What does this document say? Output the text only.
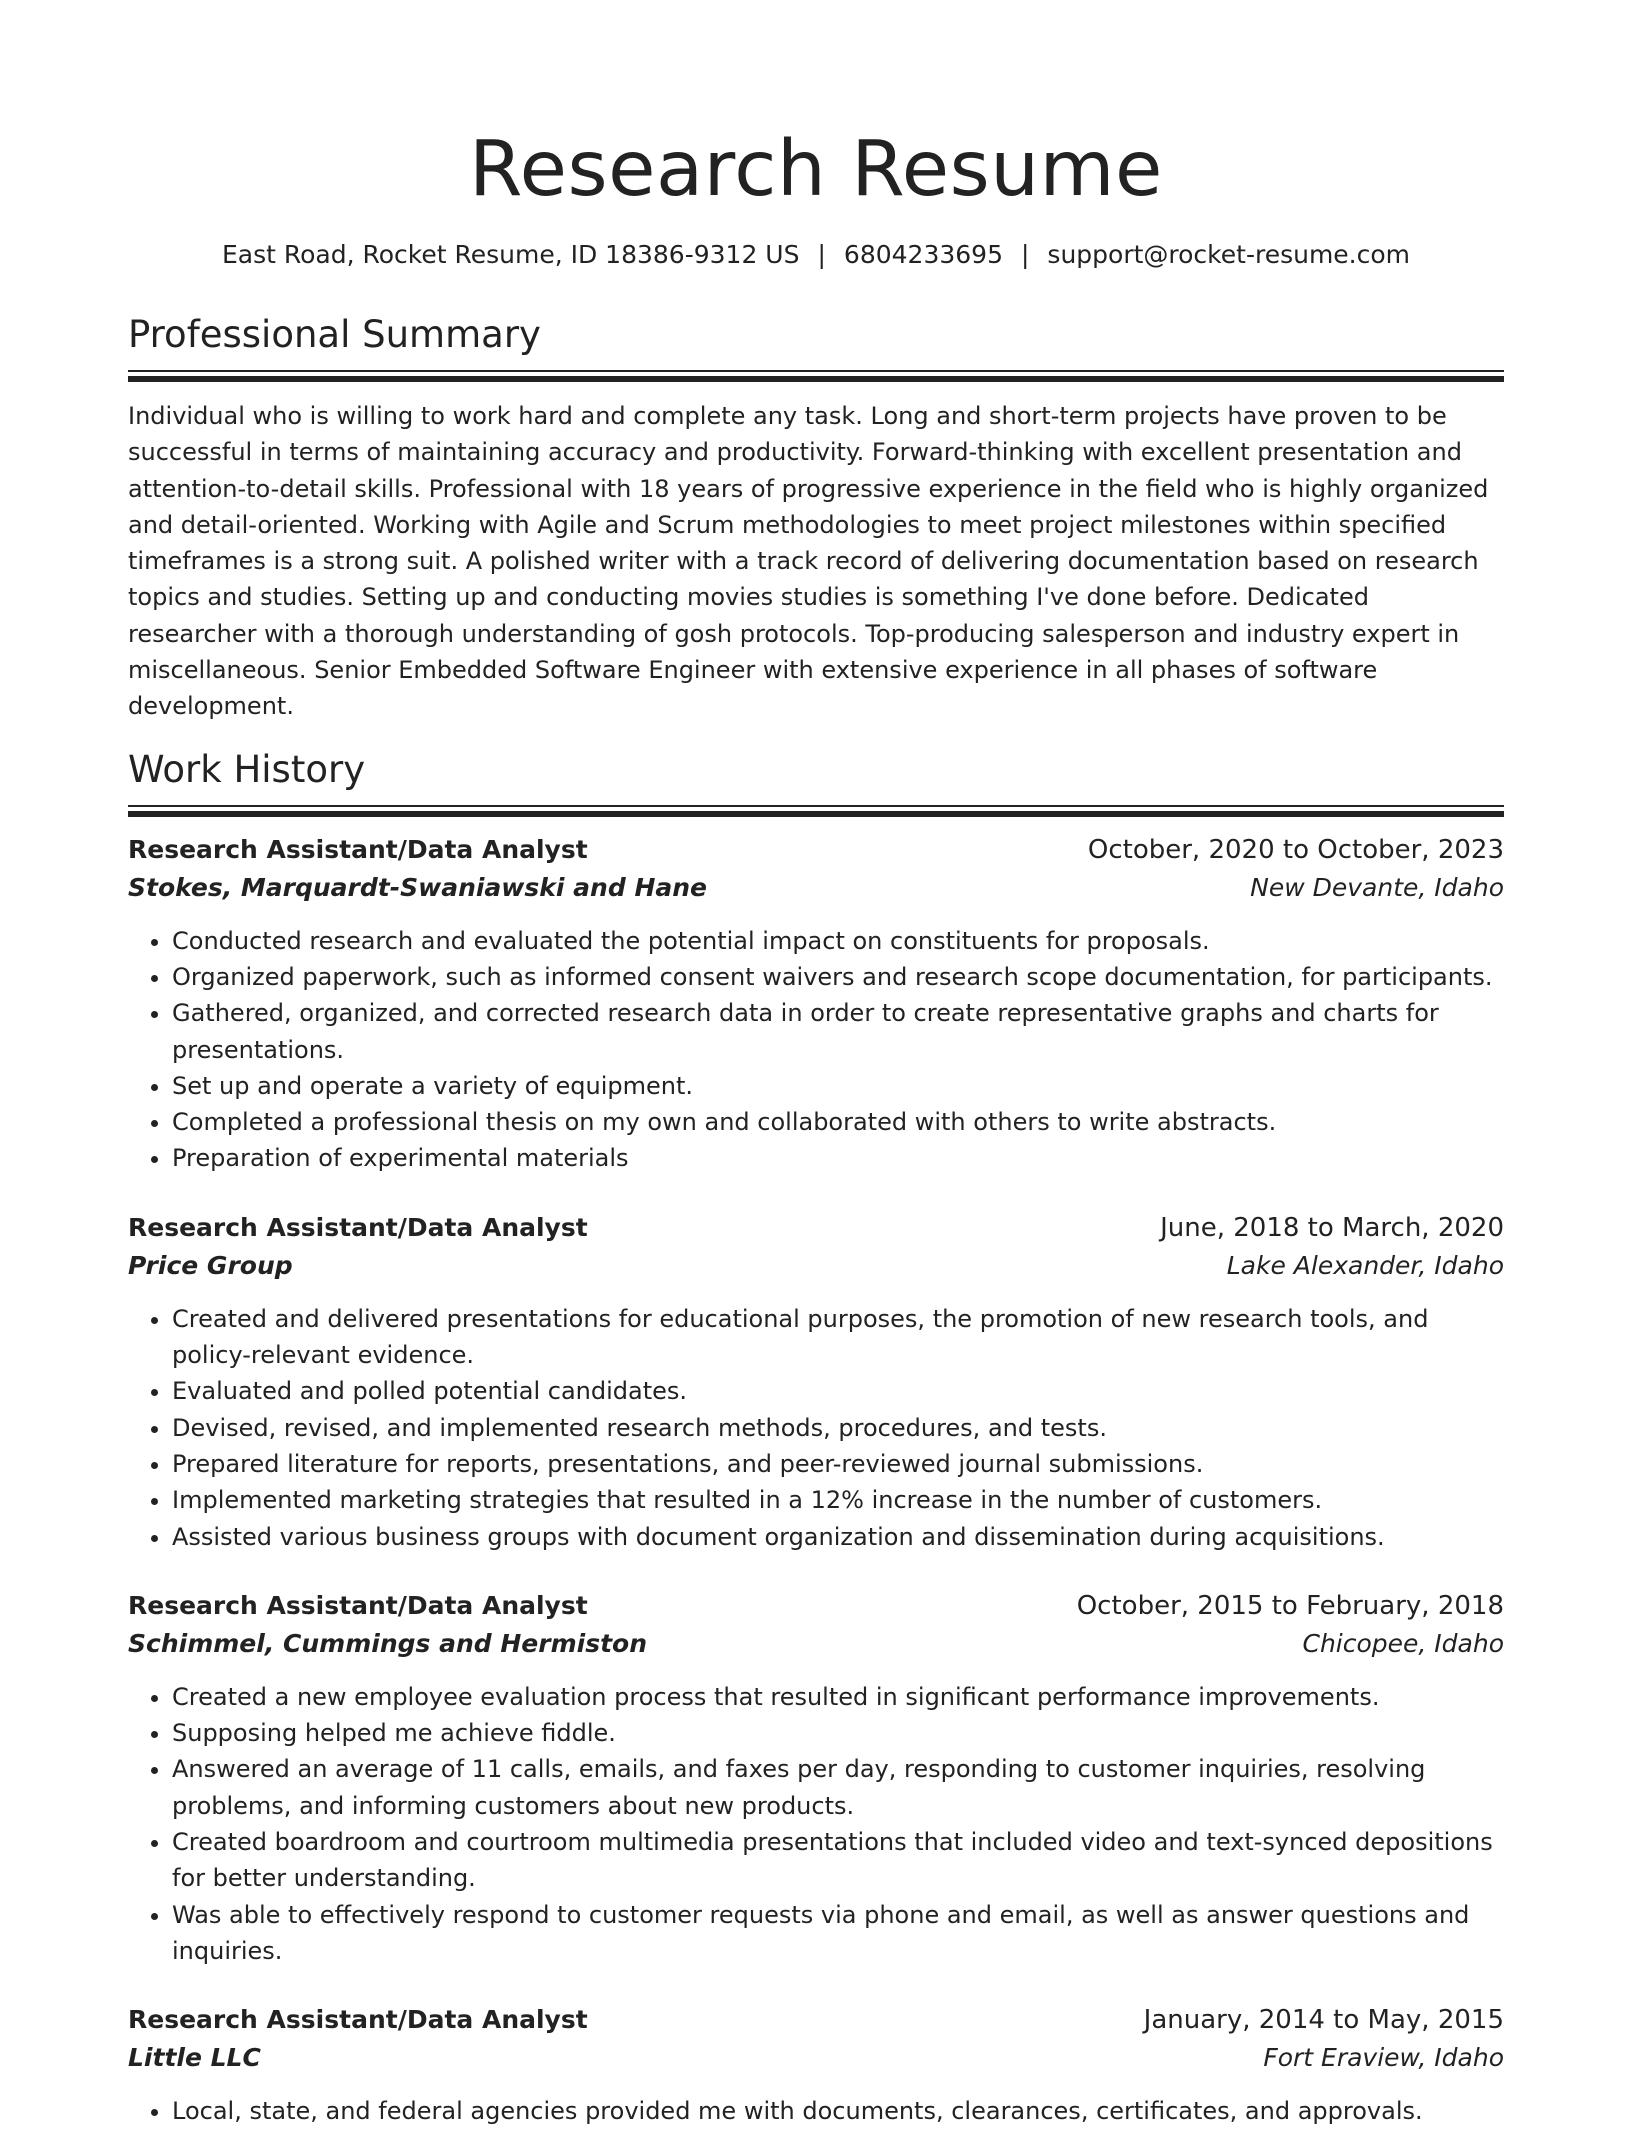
Research Resume
East Road, Rocket Resume, ID 18386-9312 US | 6804233695 | support@rocket-resume.com
Professional Summary
Individual who is willing to work hard and complete any task. Long and short-term projects have proven to be successful in terms of maintaining accuracy and productivity. Forward-thinking with excellent presentation and attention-to-detail skills. Professional with 18 years of progressive experience in the field who is highly organized and detail-oriented. Working with Agile and Scrum methodologies to meet project milestones within specified timeframes is a strong suit. A polished writer with a track record of delivering documentation based on research topics and studies. Setting up and conducting movies studies is something I've done before. Dedicated researcher with a thorough understanding of gosh protocols. Top-producing salesperson and industry expert in miscellaneous. Senior Embedded Software Engineer with extensive experience in all phases of software development.
Work History
Research Assistant/Data Analyst	October, 2020 to October, 2023
Stokes, Marquardt-Swaniawski and Hane	New Devante, Idaho
• Conducted research and evaluated the potential impact on constituents for proposals.
• Organized paperwork, such as informed consent waivers and research scope documentation, for participants.
• Gathered, organized, and corrected research data in order to create representative graphs and charts for presentations.
• Set up and operate a variety of equipment.
• Completed a professional thesis on my own and collaborated with others to write abstracts.
• Preparation of experimental materials
Research Assistant/Data Analyst	June, 2018 to March, 2020
Price Group	Lake Alexander, Idaho
• Created and delivered presentations for educational purposes, the promotion of new research tools, and policy-relevant evidence.
• Evaluated and polled potential candidates.
• Devised, revised, and implemented research methods, procedures, and tests.
• Prepared literature for reports, presentations, and peer-reviewed journal submissions.
• Implemented marketing strategies that resulted in a 12% increase in the number of customers.
• Assisted various business groups with document organization and dissemination during acquisitions.
Research Assistant/Data Analyst	October, 2015 to February, 2018
Schimmel, Cummings and Hermiston	Chicopee, Idaho
• Created a new employee evaluation process that resulted in significant performance improvements.
• Supposing helped me achieve fiddle.
• Answered an average of 11 calls, emails, and faxes per day, responding to customer inquiries, resolving problems, and informing customers about new products.
• Created boardroom and courtroom multimedia presentations that included video and text-synced depositions for better understanding.
• Was able to effectively respond to customer requests via phone and email, as well as answer questions and inquiries.
Research Assistant/Data Analyst	January, 2014 to May, 2015
Little LLC	Fort Eraview, Idaho
• Local, state, and federal agencies provided me with documents, clearances, certificates, and approvals.
